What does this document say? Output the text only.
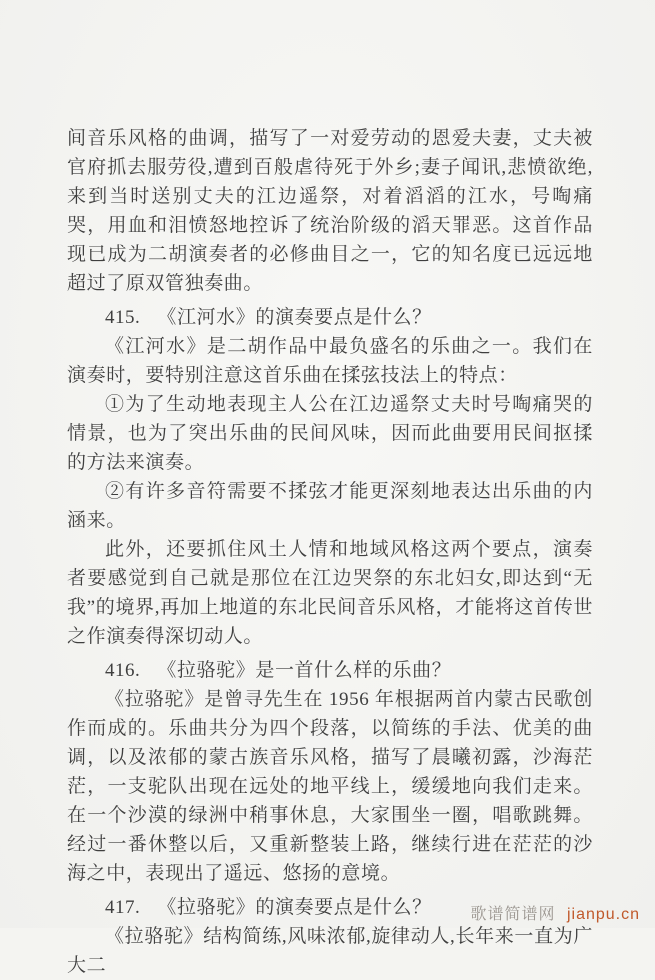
间音乐风格的曲调，描写了一对爱劳动的恩爱夫妻，丈夫被官府抓去服劳役,遭到百般虐待死于外乡;妻子闻讯,悲愤欲绝,来到当时送别丈夫的江边遥祭，对着滔滔的江水，号啕痛哭，用血和泪愤怒地控诉了统治阶级的滔天罪恶。这首作品现已成为二胡演奏者的必修曲目之一，它的知名度已远远地超过了原双管独奏曲。

415. 《江河水》的演奏要点是什么？

《江河水》是二胡作品中最负盛名的乐曲之一。我们在演奏时，要特别注意这首乐曲在揉弦技法上的特点：

①为了生动地表现主人公在江边遥祭丈夫时号啕痛哭的情景，也为了突出乐曲的民间风味，因而此曲要用民间抠揉的方法来演奏。

②有许多音符需要不揉弦才能更深刻地表达出乐曲的内涵来。

此外，还要抓住风土人情和地域风格这两个要点，演奏者要感觉到自己就是那位在江边哭祭的东北妇女,即达到“无我”的境界,再加上地道的东北民间音乐风格，才能将这首传世之作演奏得深切动人。

416. 《拉骆驼》是一首什么样的乐曲？

《拉骆驼》是曾寻先生在 1956 年根据两首内蒙古民歌创作而成的。乐曲共分为四个段落，以简练的手法、优美的曲调，以及浓郁的蒙古族音乐风格，描写了晨曦初露，沙海茫茫，一支驼队出现在远处的地平线上，缓缓地向我们走来。在一个沙漠的绿洲中稍事休息，大家围坐一圈，唱歌跳舞。经过一番休整以后，又重新整装上路，继续行进在茫茫的沙海之中，表现出了遥远、悠扬的意境。

417. 《拉骆驼》的演奏要点是什么？

《拉骆驼》结构简练,风味浓郁,旋律动人,长年来一直为广大二

歌谱简谱网 jianpu.cn
